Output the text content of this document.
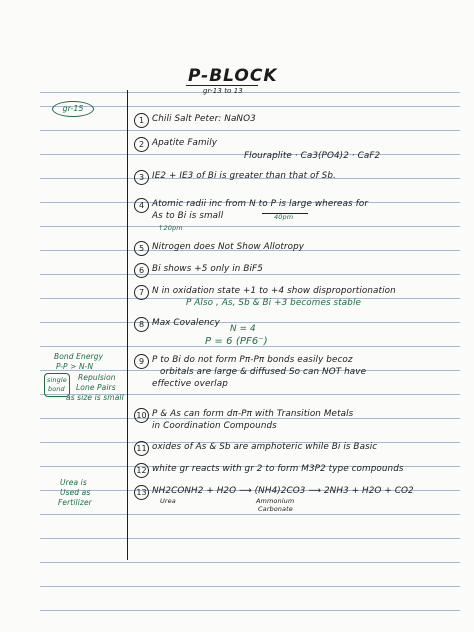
P-BLOCK
gr-13 to 13
gr-15
1 Chili Salt Peter: NaNO3
2 Apatite Family
Flouraplite · Ca3(PO4)2 · CaF2
3 IE2 + IE3 of Bi is greater than that of Sb.
4 Atomic radii inc from N to P is large whereas for
As to Bi is small
↑20pm
40pm
5 Nitrogen does Not Show Allotropy
6 Bi shows +5 only in BiF5
7 N in oxidation state +1 to +4 show disproportionation
P Also , As, Sb & Bi +3 becomes stable
8 Max Covalency
N = 4
P = 6 (PF6⁻)
9 P to Bi do not form Pπ-Pπ bonds easily becoz
orbitals are large & diffused So can NOT have
effective overlap
10 P & As can form dπ-Pπ with Transition Metals
in Coordination Compounds
11 oxides of As & Sb are amphoteric while Bi is Basic
12 white gr reacts with gr 2 to form M3P2 type compounds
13 NH2CONH2 + H2O ⟶ (NH4)2CO3 ⟶ 2NH3 + H2O + CO2
Urea	Ammonium
Carbonate
Bond Energy
P-P > N-N
Repulsion
Lone Pairs
as size is small
single
bond
Urea is
Used as
Fertilizer
